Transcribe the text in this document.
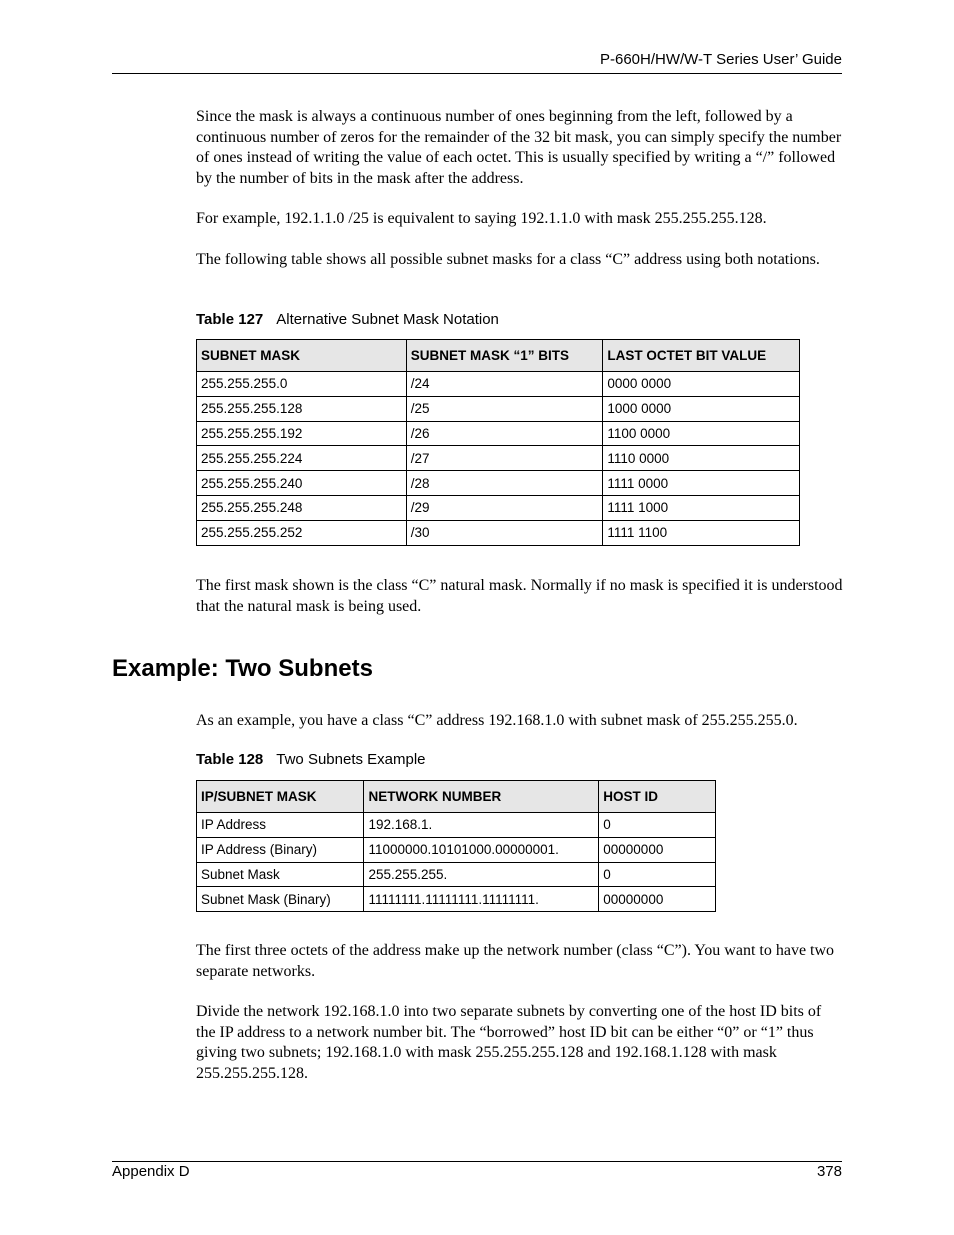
P-660H/HW/W-T Series User’ Guide

Since the mask is always a continuous number of ones beginning from the left, followed by a continuous number of zeros for the remainder of the 32 bit mask, you can simply specify the number of ones instead of writing the value of each octet. This is usually specified by writing a “/” followed by the number of bits in the mask after the address.

For example, 192.1.1.0 /25 is equivalent to saying 192.1.1.0 with mask 255.255.255.128.

The following table shows all possible subnet masks for a class “C” address using both notations.

Table 127 Alternative Subnet Mask Notation
SUBNET MASK	SUBNET MASK “1” BITS	LAST OCTET BIT VALUE
255.255.255.0	/24	0000 0000
255.255.255.128	/25	1000 0000
255.255.255.192	/26	1100 0000
255.255.255.224	/27	1110 0000
255.255.255.240	/28	1111 0000
255.255.255.248	/29	1111 1000
255.255.255.252	/30	1111 1100

The first mask shown is the class “C” natural mask. Normally if no mask is specified it is understood that the natural mask is being used.

Example: Two Subnets

As an example, you have a class “C” address 192.168.1.0 with subnet mask of 255.255.255.0.

Table 128 Two Subnets Example
IP/SUBNET MASK	NETWORK NUMBER	HOST ID
IP Address	192.168.1.	0
IP Address (Binary)	11000000.10101000.00000001.	00000000
Subnet Mask	255.255.255.	0
Subnet Mask (Binary)	11111111.11111111.11111111.	00000000

The first three octets of the address make up the network number (class “C”). You want to have two separate networks.

Divide the network 192.168.1.0 into two separate subnets by converting one of the host ID bits of the IP address to a network number bit. The “borrowed” host ID bit can be either “0” or “1” thus giving two subnets; 192.168.1.0 with mask 255.255.255.128 and 192.168.1.128 with mask 255.255.255.128.

Appendix D	378
